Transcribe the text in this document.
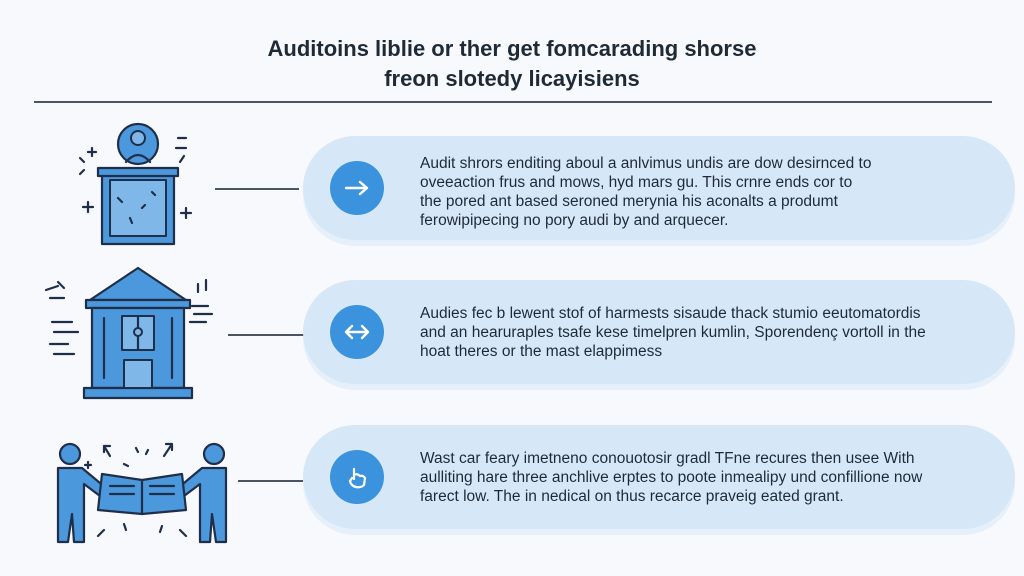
Auditoins liblie or ther get fomcarading shorse
freon slotedy licayisiens
Audit shrors enditing aboul a anlvimus undis are dow desirnced to
oveeaction frus and mows, hyd mars gu. This crnre ends cor to
the pored ant based seroned merynia his aconalts a produmt
ferowipipecing no pory audi by and arquecer.
Audies fec b lewent stof of harmests sisaude thack stumio eeutomatordis
and an hearuraples tsafe kese timelpren kumlin, Sporendenç vortoll in the
hoat theres or the mast elappimess
Wast car feary imetneno conouotosir gradl TFne recures then usee With
aulliting hare three anchlive erptes to poote inmealipy und confillione now
farect low. The in nedical on thus recarce praveig eated grant.
